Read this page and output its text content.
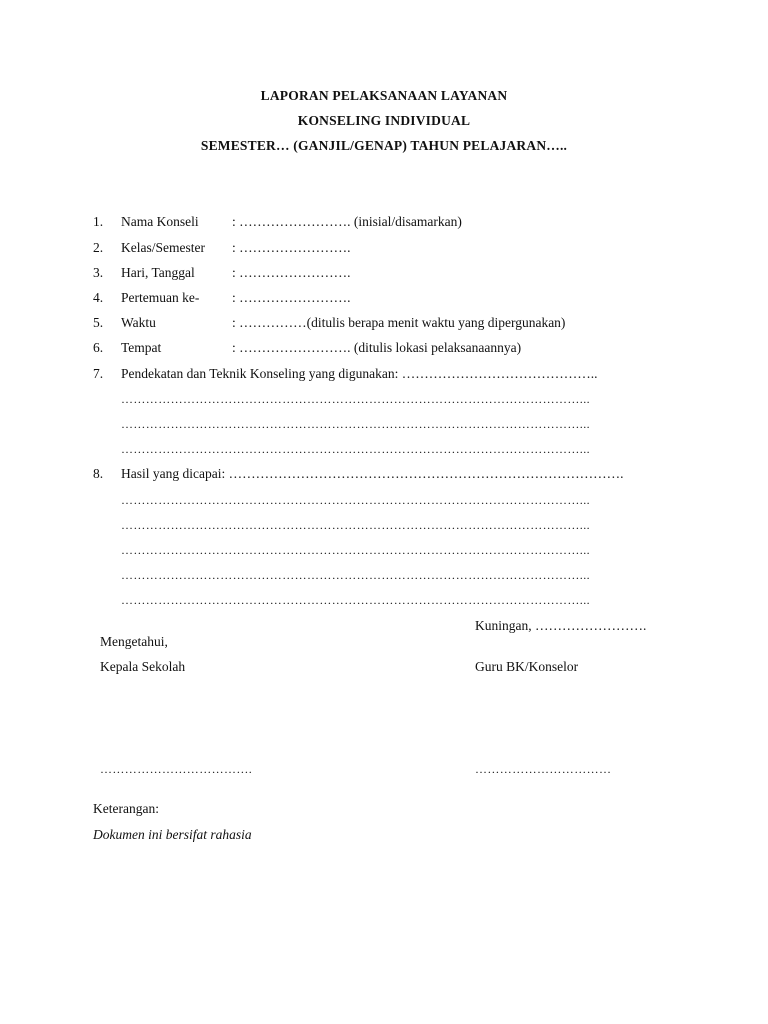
LAPORAN PELAKSANAAN LAYANAN
KONSELING INDIVIDUAL
SEMESTER… (GANJIL/GENAP) TAHUN PELAJARAN…..
1. Nama Konseli : ……………………. (inisial/disamarkan)
2. Kelas/Semester : …………………….
3. Hari, Tanggal	: …………………….
4. Pertemuan ke- : …………………….
5. Waktu	: ……………(ditulis berapa menit waktu yang dipergunakan)
6. Tempat	: ……………………. (ditulis lokasi pelaksanaannya)
7. Pendekatan dan Teknik Konseling yang digunakan: ……………………………………..
…………………………………………………………………………………………………...
…………………………………………………………………………………………………...
…………………………………………………………………………………………………...
8. Hasil yang dicapai: …………………………………………………………………………….
…………………………………………………………………………………………………...
…………………………………………………………………………………………………...
…………………………………………………………………………………………………...
…………………………………………………………………………………………………...
…………………………………………………………………………………………………...
Kuningan, …………………….
Mengetahui,
Kepala Sekolah	Guru BK/Konselor
……………………………….	……………………………
Keterangan:
Dokumen ini bersifat rahasia
